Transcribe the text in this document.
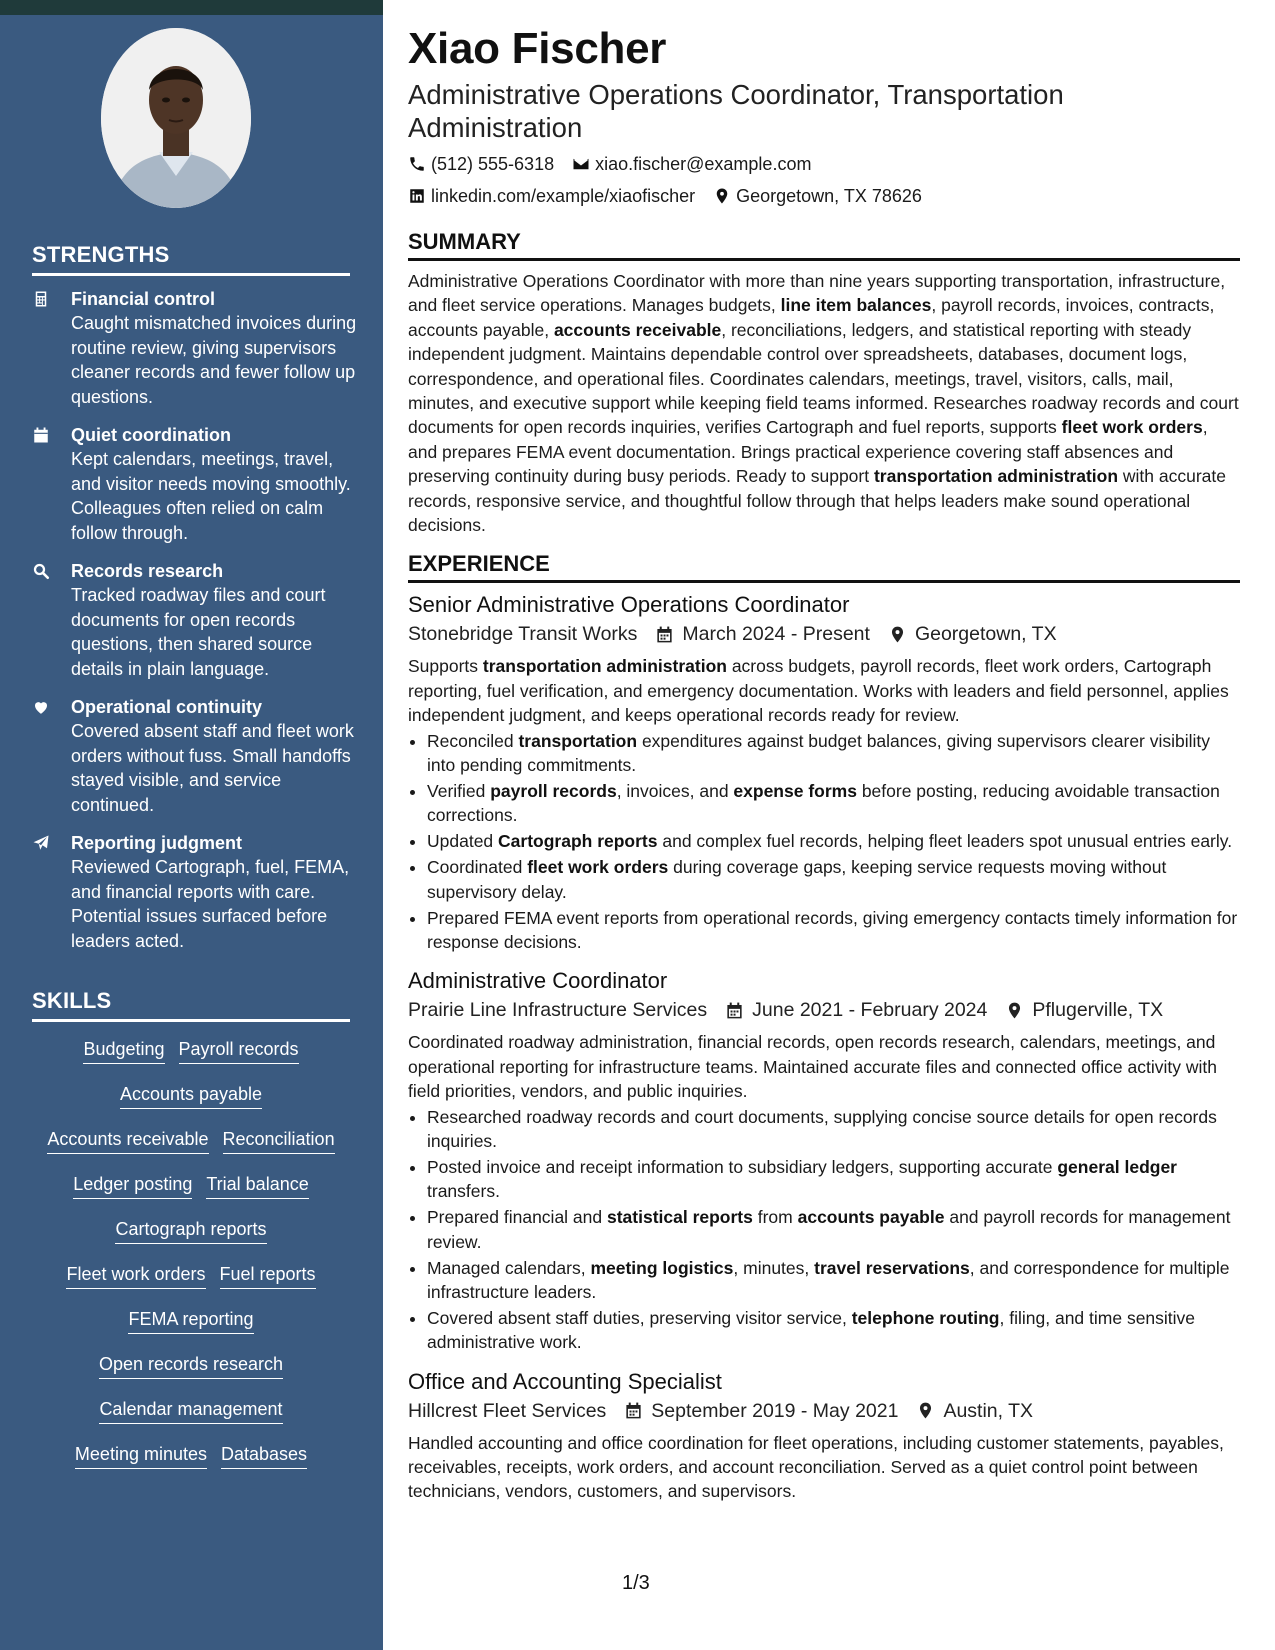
STRENGTHS
Financial control
Caught mismatched invoices during routine review, giving supervisors cleaner records and fewer follow up questions.
Quiet coordination
Kept calendars, meetings, travel, and visitor needs moving smoothly. Colleagues often relied on calm follow through.
Records research
Tracked roadway files and court documents for open records questions, then shared source details in plain language.
Operational continuity
Covered absent staff and fleet work orders without fuss. Small handoffs stayed visible, and service continued.
Reporting judgment
Reviewed Cartograph, fuel, FEMA, and financial reports with care. Potential issues surfaced before leaders acted.
SKILLS
Budgeting Payroll records
Accounts payable
Accounts receivable Reconciliation
Ledger posting Trial balance
Cartograph reports
Fleet work orders Fuel reports
FEMA reporting
Open records research
Calendar management
Meeting minutes Databases
Xiao Fischer
Administrative Operations Coordinator, Transportation Administration
(512) 555-6318 xiao.fischer@example.com
linkedin.com/example/xiaofischer Georgetown, TX 78626
SUMMARY
Administrative Operations Coordinator with more than nine years supporting transportation, infrastructure, and fleet service operations. Manages budgets, line item balances, payroll records, invoices, contracts, accounts payable, accounts receivable, reconciliations, ledgers, and statistical reporting with steady independent judgment. Maintains dependable control over spreadsheets, databases, document logs, correspondence, and operational files. Coordinates calendars, meetings, travel, visitors, calls, mail, minutes, and executive support while keeping field teams informed. Researches roadway records and court documents for open records inquiries, verifies Cartograph and fuel reports, supports fleet work orders, and prepares FEMA event documentation. Brings practical experience covering staff absences and preserving continuity during busy periods. Ready to support transportation administration with accurate records, responsive service, and thoughtful follow through that helps leaders make sound operational decisions.
EXPERIENCE
Senior Administrative Operations Coordinator
Stonebridge Transit Works March 2024 - Present Georgetown, TX
Supports transportation administration across budgets, payroll records, fleet work orders, Cartograph reporting, fuel verification, and emergency documentation. Works with leaders and field personnel, applies independent judgment, and keeps operational records ready for review.
• Reconciled transportation expenditures against budget balances, giving supervisors clearer visibility into pending commitments.
• Verified payroll records, invoices, and expense forms before posting, reducing avoidable transaction corrections.
• Updated Cartograph reports and complex fuel records, helping fleet leaders spot unusual entries early.
• Coordinated fleet work orders during coverage gaps, keeping service requests moving without supervisory delay.
• Prepared FEMA event reports from operational records, giving emergency contacts timely information for response decisions.
Administrative Coordinator
Prairie Line Infrastructure Services June 2021 - February 2024 Pflugerville, TX
Coordinated roadway administration, financial records, open records research, calendars, meetings, and operational reporting for infrastructure teams. Maintained accurate files and connected office activity with field priorities, vendors, and public inquiries.
• Researched roadway records and court documents, supplying concise source details for open records inquiries.
• Posted invoice and receipt information to subsidiary ledgers, supporting accurate general ledger transfers.
• Prepared financial and statistical reports from accounts payable and payroll records for management review.
• Managed calendars, meeting logistics, minutes, travel reservations, and correspondence for multiple infrastructure leaders.
• Covered absent staff duties, preserving visitor service, telephone routing, filing, and time sensitive administrative work.
Office and Accounting Specialist
Hillcrest Fleet Services September 2019 - May 2021 Austin, TX
Handled accounting and office coordination for fleet operations, including customer statements, payables, receivables, receipts, work orders, and account reconciliation. Served as a quiet control point between technicians, vendors, customers, and supervisors.
1/3
